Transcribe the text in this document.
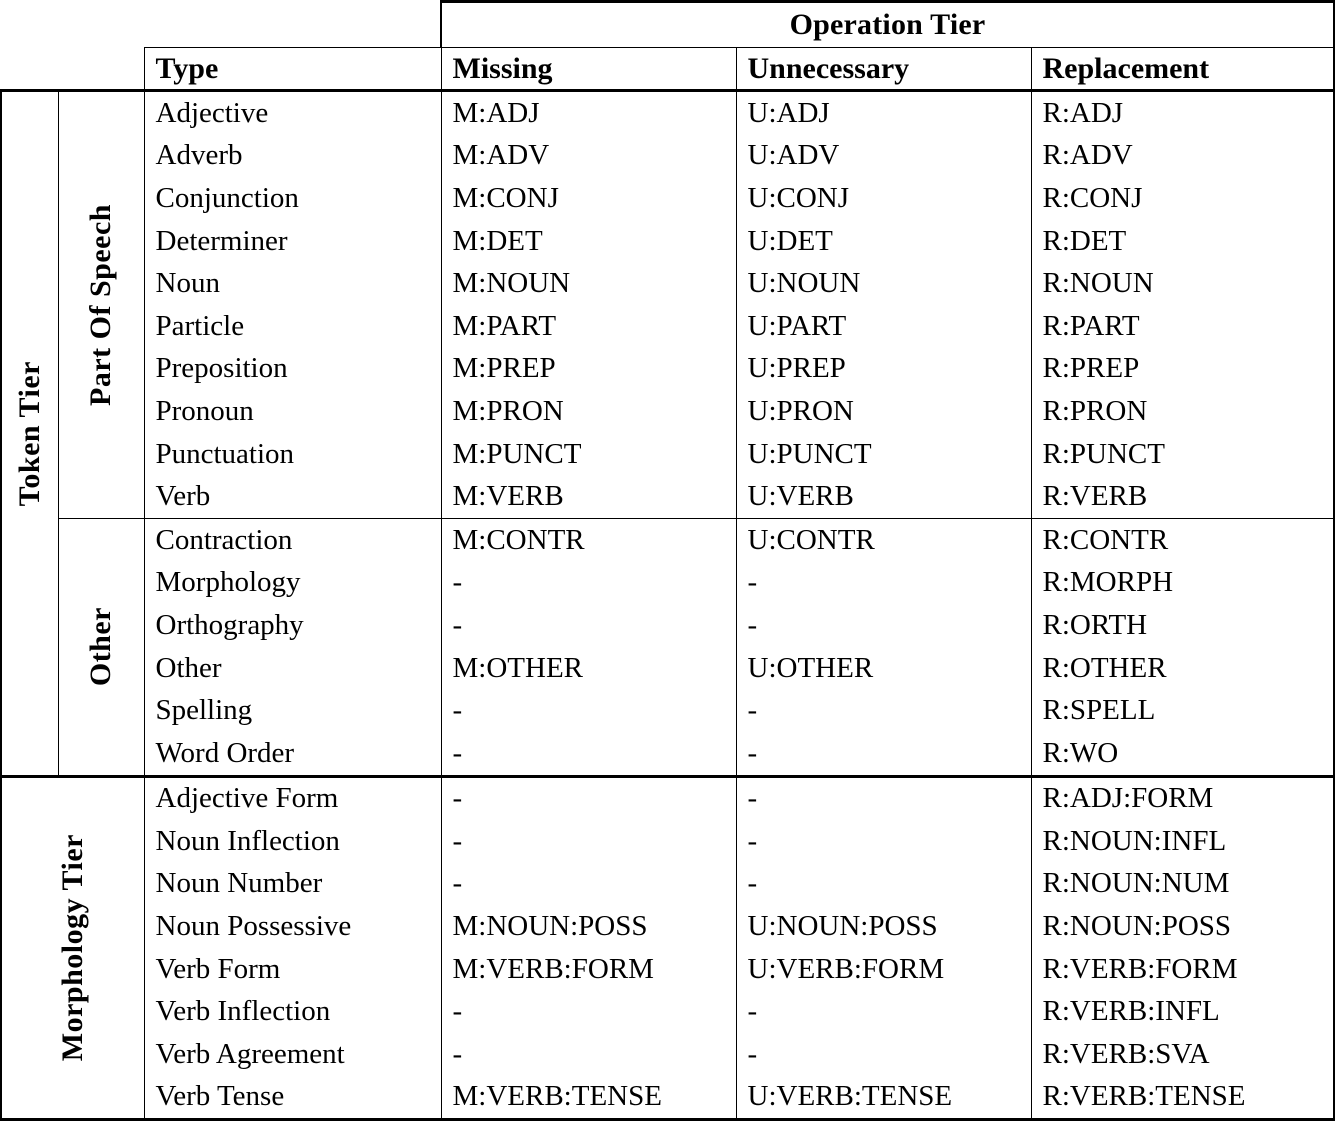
			Operation Tier		
		Type	Missing	Unnecessary	Replacement

Token Tier	Part Of Speech	Adjective	M:ADJ	U:ADJ	R:ADJ
		Adverb	M:ADV	U:ADV	R:ADV
		Conjunction	M:CONJ	U:CONJ	R:CONJ
		Determiner	M:DET	U:DET	R:DET
		Noun	M:NOUN	U:NOUN	R:NOUN
		Particle	M:PART	U:PART	R:PART
		Preposition	M:PREP	U:PREP	R:PREP
		Pronoun	M:PRON	U:PRON	R:PRON
		Punctuation	M:PUNCT	U:PUNCT	R:PUNCT
		Verb	M:VERB	U:VERB	R:VERB

	Other	Contraction	M:CONTR	U:CONTR	R:CONTR
		Morphology	-	-	R:MORPH
		Orthography	-	-	R:ORTH
		Other	M:OTHER	U:OTHER	R:OTHER
		Spelling	-	-	R:SPELL
		Word Order	-	-	R:WO

Morphology Tier		Adjective Form	-	-	R:ADJ:FORM
		Noun Inflection	-	-	R:NOUN:INFL
		Noun Number	-	-	R:NOUN:NUM
		Noun Possessive	M:NOUN:POSS	U:NOUN:POSS	R:NOUN:POSS
		Verb Form	M:VERB:FORM	U:VERB:FORM	R:VERB:FORM
		Verb Inflection	-	-	R:VERB:INFL
		Verb Agreement	-	-	R:VERB:SVA
		Verb Tense	M:VERB:TENSE	U:VERB:TENSE	R:VERB:TENSE
